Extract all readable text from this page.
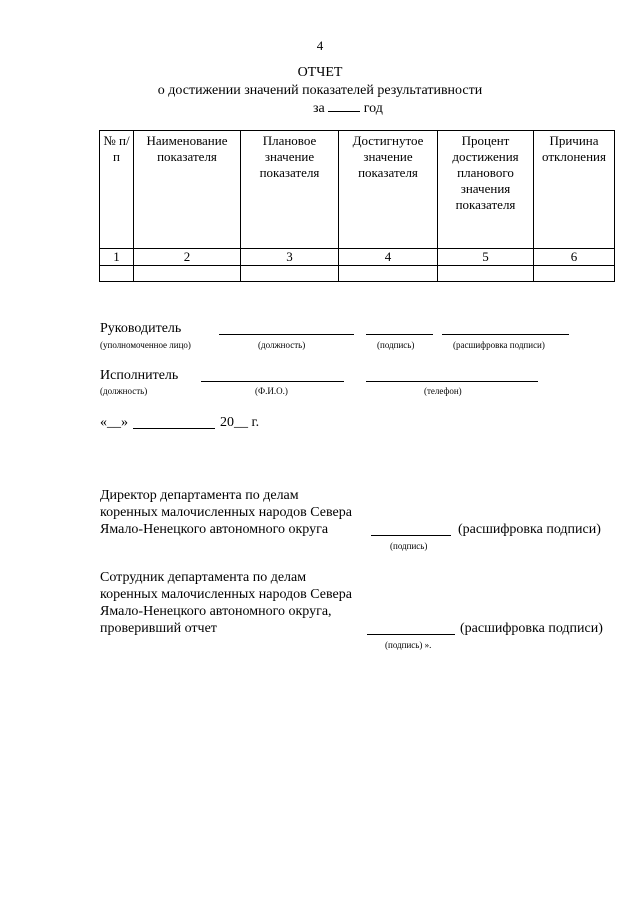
4
ОТЧЕТ
о достижении значений показателей результативности
за	год
№ п/п	Наименование показателя	Плановое значение показателя	Достигнутое значение показателя	Процент достижения планового значения показателя	Причина отклонения
1	2	3	4	5	6

Руководитель
(уполномоченное лицо)	(должность)	(подпись)	(расшифровка подписи)
Исполнитель
(должность)	(Ф.И.О.)	(телефон)
«__»	20__ г.
Директор департамента по делам
коренных малочисленных народов Севера
Ямало-Ненецкого автономного округа	(расшифровка подписи)
(подпись)
Сотрудник департамента по делам
коренных малочисленных народов Севера
Ямало-Ненецкого автономного округа,
проверивший отчет	(расшифровка подписи)
(подпись) ».
